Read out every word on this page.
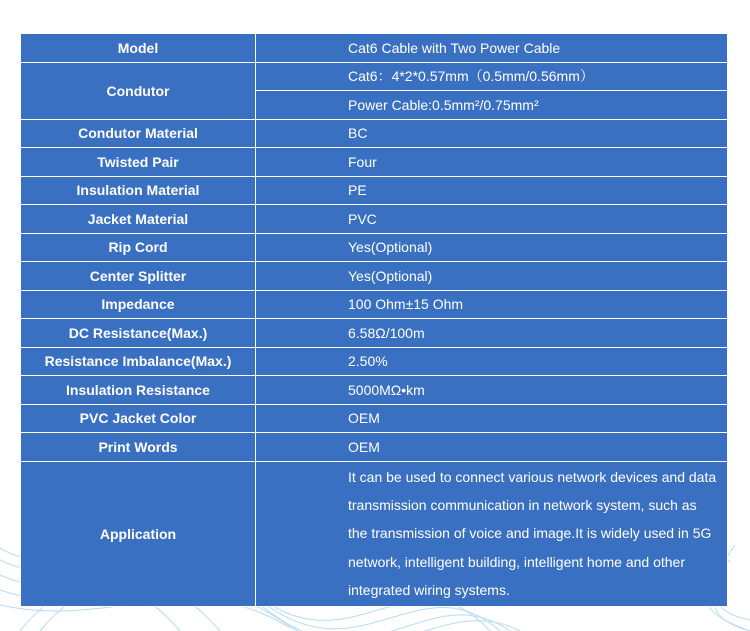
Model	Cat6 Cable with Two Power Cable
Condutor	Cat6：4*2*0.57mm（0.5mm/0.56mm）
	Power Cable:0.5mm²/0.75mm²
Condutor Material	BC
Twisted Pair	Four
Insulation Material	PE
Jacket Material	PVC
Rip Cord	Yes(Optional)
Center Splitter	Yes(Optional)
Impedance	100 Ohm±15 Ohm
DC Resistance(Max.)	6.58Ω/100m
Resistance Imbalance(Max.)	2.50%
Insulation Resistance	5000MΩ•km
PVC Jacket Color	OEM
Print Words	OEM
Application	It can be used to connect various network devices and data transmission communication in network system, such as the transmission of voice and image.It is widely used in 5G network, intelligent building, intelligent home and other integrated wiring systems.
